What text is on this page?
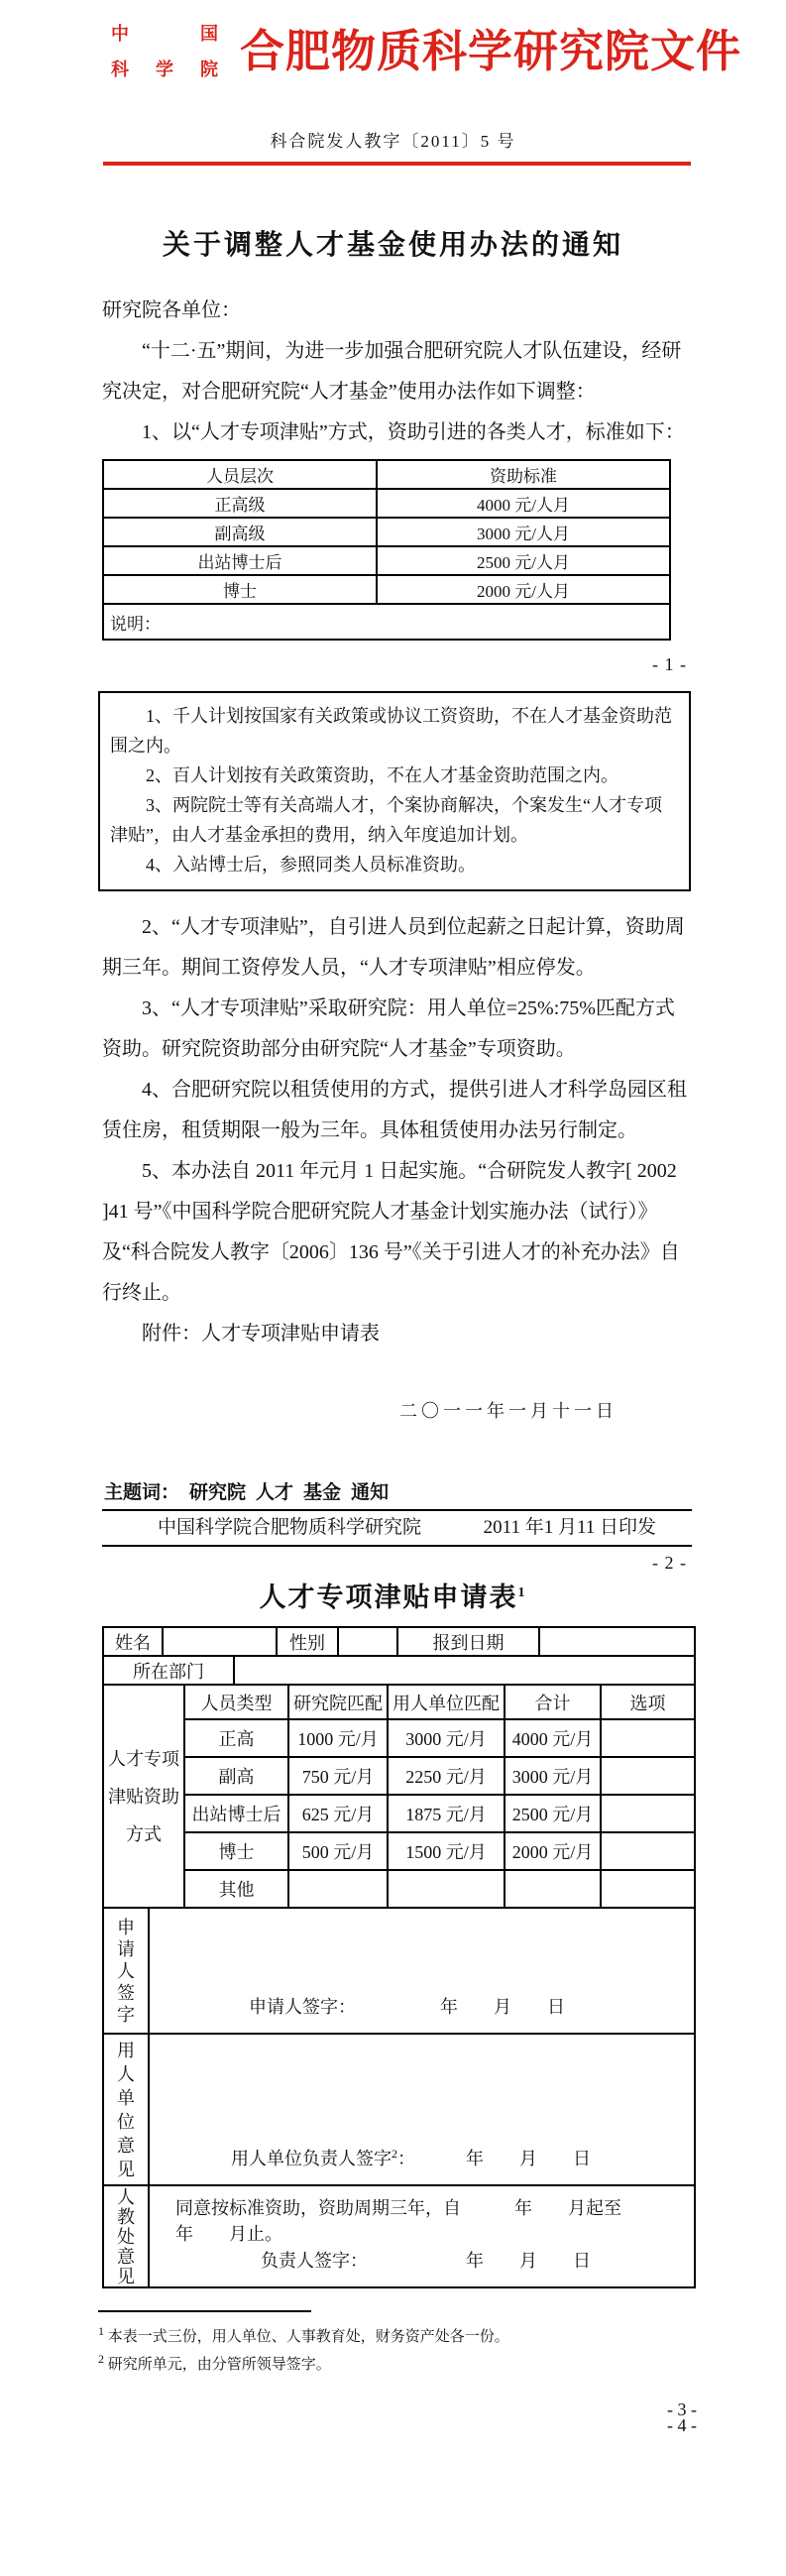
中国
科学院 合肥物质科学研究院文件
科合院发人教字〔2011〕5 号
关于调整人才基金使用办法的通知

研究院各单位：

“十二·五”期间，为进一步加强合肥研究院人才队伍建设，经研究决定，对合肥研究院“人才基金”使用办法作如下调整：

1、以“人才专项津贴”方式，资助引进的各类人才，标准如下：

人员层次	资助标准
正高级	4000 元/人月
副高级	3000 元/人月
出站博士后	2500 元/人月
博士	2000 元/人月
说明：	
- 1 -

1、千人计划按国家有关政策或协议工资资助，不在人才基金资助范围之内。

2、百人计划按有关政策资助，不在人才基金资助范围之内。

3、两院院士等有关高端人才，个案协商解决，个案发生“人才专项津贴”，由人才基金承担的费用，纳入年度追加计划。

4、入站博士后，参照同类人员标准资助。

2、“人才专项津贴”，自引进人员到位起薪之日起计算，资助周期三年。期间工资停发人员，“人才专项津贴”相应停发。

3、“人才专项津贴”采取研究院：用人单位=25%:75%匹配方式资助。研究院资助部分由研究院“人才基金”专项资助。

4、合肥研究院以租赁使用的方式，提供引进人才科学岛园区租赁住房，租赁期限一般为三年。具体租赁使用办法另行制定。

5、本办法自 2011 年元月 1 日起实施。“合研院发人教字[ 2002 ]41 号”《中国科学院合肥研究院人才基金计划实施办法（试行）》及“科合院发人教字〔2006〕136 号”《关于引进人才的补充办法》自行终止。

附件：人才专项津贴申请表

二〇一一年一月十一日
主题词： 研究院 人才 基金 通知
中国科学院合肥物质科学研究院	2011 年1 月11 日印发
- 2 -
人才专项津贴申请表$^1$
姓名		性别		报到日期	
所在部门	
人才专项津贴资助方式	人员类型	研究院匹配	用人单位匹配	合计	选项
	正高	1000 元/月	3000 元/月	4000 元/月	
	副高	750 元/月	2250 元/月	3000 元/月	
	出站博士后	625 元/月	1875 元/月	2500 元/月	
	博士	500 元/月	1500 元/月	2000 元/月	
	其他				
申请人签字	申请人签字：	年　　月　　日
用人单位意见

用人单位负责人签字$^2$：	年　　月　　日
人教处意见

同意按标准资助，资助周期三年，自　　　年　　月起至　　　年　　月止。
负责人签字：	年　　月　　日

$^1$ 本表一式三份，用人单位、人事教育处，财务资产处各一份。

$^2$ 研究所单元，由分管所领导签字。

- 3 -
- 4 -
